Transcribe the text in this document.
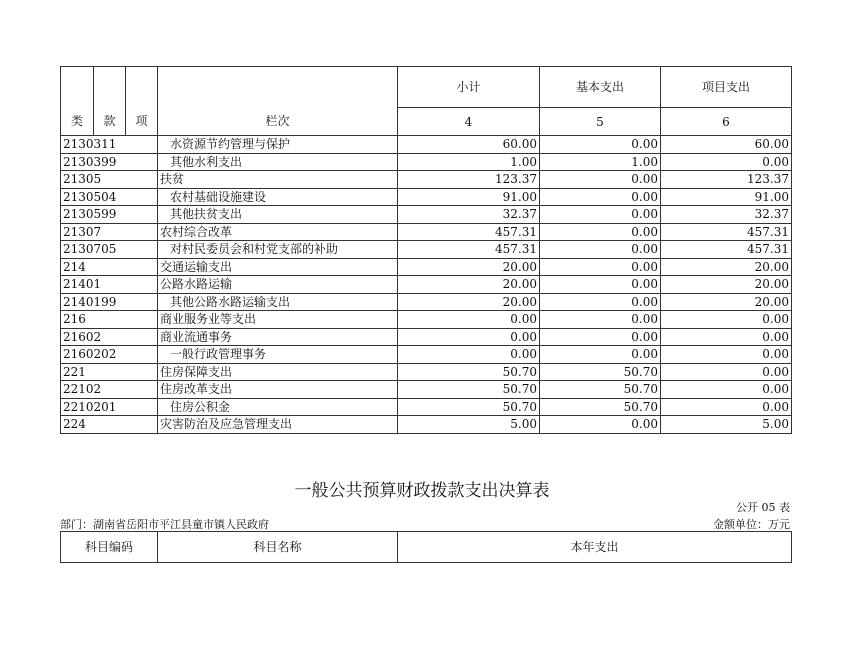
				小计	基本支出	项目支出
类	款	项	栏次	4	5	6
2130311			水资源节约管理与保护	60.00	0.00	60.00
2130399			其他水利支出	1.00	1.00	0.00
21305			扶贫	123.37	0.00	123.37
2130504			农村基础设施建设	91.00	0.00	91.00
2130599			其他扶贫支出	32.37	0.00	32.37
21307			农村综合改革	457.31	0.00	457.31
2130705			对村民委员会和村党支部的补助	457.31	0.00	457.31
214			交通运输支出	20.00	0.00	20.00
21401			公路水路运输	20.00	0.00	20.00
2140199			其他公路水路运输支出	20.00	0.00	20.00
216			商业服务业等支出	0.00	0.00	0.00
21602			商业流通事务	0.00	0.00	0.00
2160202			一般行政管理事务	0.00	0.00	0.00
221			住房保障支出	50.70	50.70	0.00
22102			住房改革支出	50.70	50.70	0.00
2210201			住房公积金	50.70	50.70	0.00
224			灾害防治及应急管理支出	5.00	0.00	5.00
一般公共预算财政拨款支出决算表
公开 05 表
部门：湖南省岳阳市平江县童市镇人民政府	金额单位：万元
科目编码	科目名称	本年支出
